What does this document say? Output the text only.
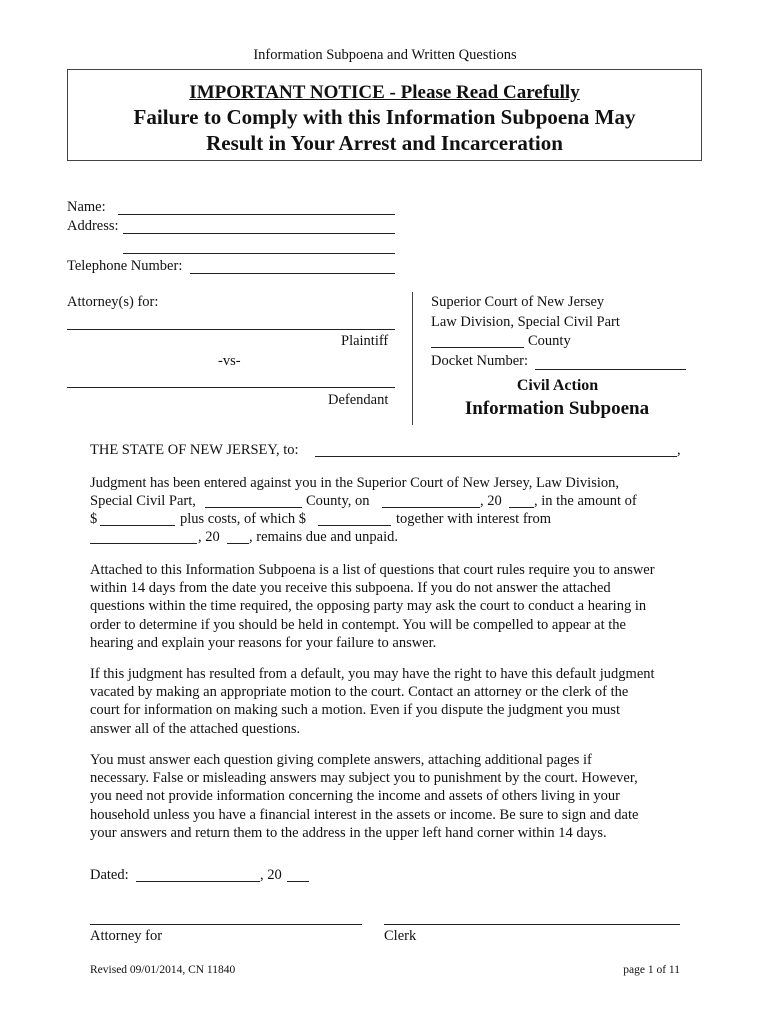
Information Subpoena and Written Questions
IMPORTANT NOTICE - Please Read Carefully
Failure to Comply with this Information Subpoena May
Result in Your Arrest and Incarceration
Name:
Address:
Telephone Number:
Attorney(s) for:
Plaintiff
-vs-
Defendant
Superior Court of New Jersey
Law Division, Special Civil Part
County
Docket Number:
Civil Action
Information Subpoena
THE STATE OF NEW JERSEY, to:	,
Judgment has been entered against you in the Superior Court of New Jersey, Law Division,
Special Civil Part,	County, on	, 20 , in the amount of
$	plus costs, of which $	together with interest from
, 20 , remains due and unpaid.

Attached to this Information Subpoena is a list of questions that court rules require you to answer

within 14 days from the date you receive this subpoena. If you do not answer the attached

questions within the time required, the opposing party may ask the court to conduct a hearing in

order to determine if you should be held in contempt. You will be compelled to appear at the

hearing and explain your reasons for your failure to answer.

If this judgment has resulted from a default, you may have the right to have this default judgment

vacated by making an appropriate motion to the court. Contact an attorney or the clerk of the

court for information on making such a motion. Even if you dispute the judgment you must

answer all of the attached questions.

You must answer each question giving complete answers, attaching additional pages if

necessary. False or misleading answers may subject you to punishment by the court. However,

you need not provide information concerning the income and assets of others living in your

household unless you have a financial interest in the assets or income. Be sure to sign and date

your answers and return them to the address in the upper left hand corner within 14 days.

Dated:	, 20
Attorney for	Clerk
Revised 09/01/2014, CN 11840	page 1 of 11
